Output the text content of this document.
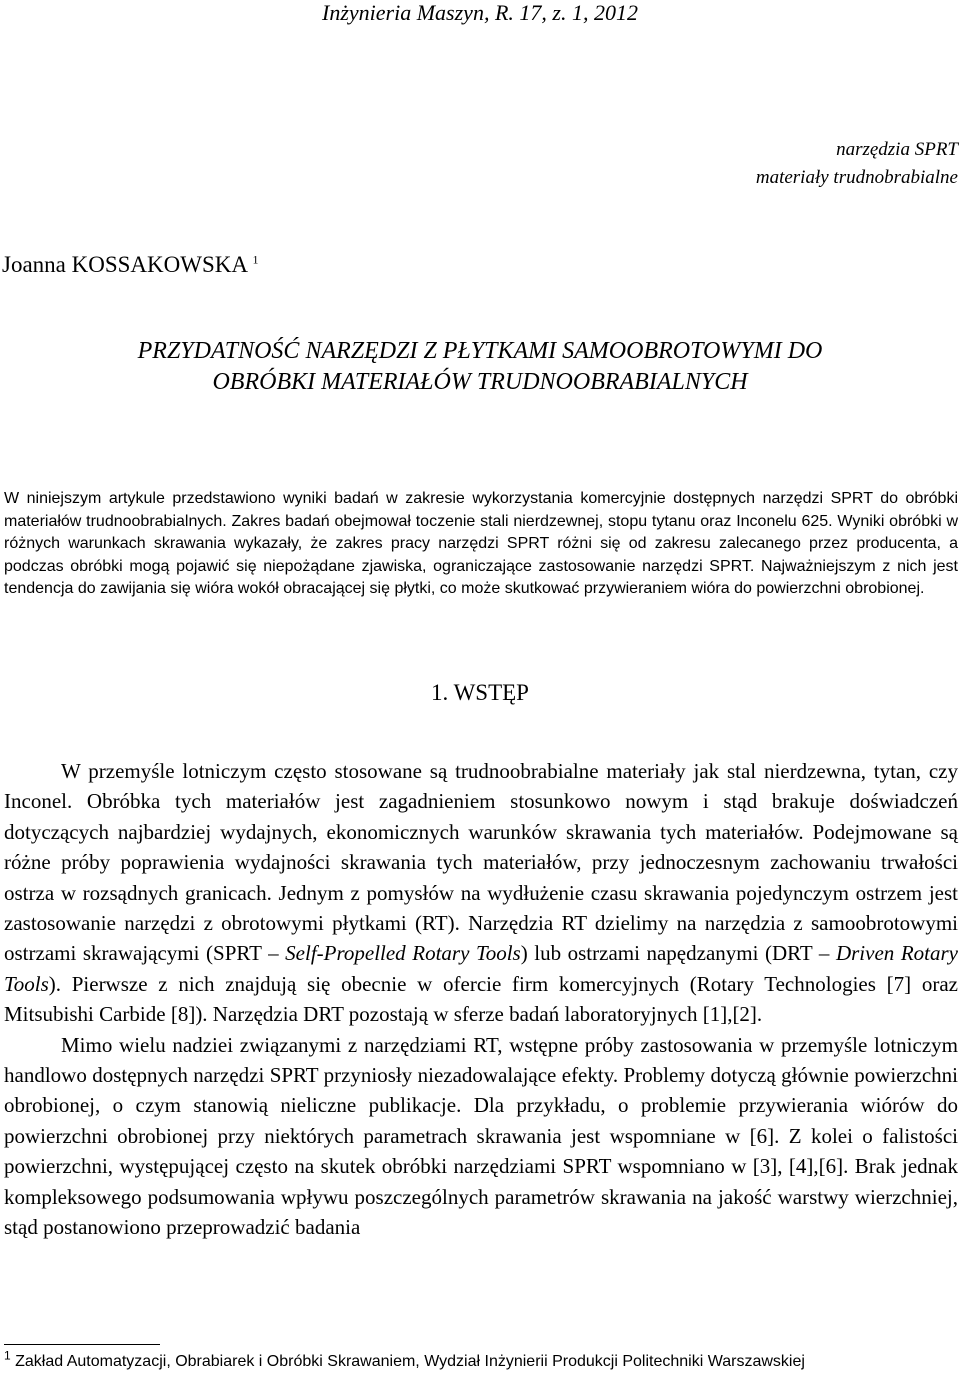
Inżynieria Maszyn, R. 17, z. 1, 2012
narzędzia SPRT
materiały trudnobrabialne
Joanna KOSSAKOWSKA $^1$
PRZYDATNOŚĆ NARZĘDZI Z PŁYTKAMI SAMOOBROTOWYMI DO
OBRÓBKI MATERIAŁÓW TRUDNOOBRABIALNYCH
W niniejszym artykule przedstawiono wyniki badań w zakresie wykorzystania komercyjnie dostępnych narzędzi SPRT do obróbki materiałów trudnoobrabialnych. Zakres badań obejmował toczenie stali nierdzewnej, stopu tytanu oraz Inconelu 625. Wyniki obróbki w różnych warunkach skrawania wykazały, że zakres pracy narzędzi SPRT różni się od zakresu zalecanego przez producenta, a podczas obróbki mogą pojawić się niepożądane zjawiska, ograniczające zastosowanie narzędzi SPRT. Najważniejszym z nich jest tendencja do zawijania się wióra wokół obracającej się płytki, co może skutkować przywieraniem wióra do powierzchni obrobionej.
1. WSTĘP

W przemyśle lotniczym często stosowane są trudnoobrabialne materiały jak stal nierdzewna, tytan, czy Inconel. Obróbka tych materiałów jest zagadnieniem stosunkowo nowym i stąd brakuje doświadczeń dotyczących najbardziej wydajnych, ekonomicznych warunków skrawania tych materiałów. Podejmowane są różne próby poprawienia wydajności skrawania tych materiałów, przy jednoczesnym zachowaniu trwałości ostrza w rozsądnych granicach. Jednym z pomysłów na wydłużenie czasu skrawania pojedynczym ostrzem jest zastosowanie narzędzi z obrotowymi płytkami (RT). Narzędzia RT dzielimy na narzędzia z samoobrotowymi ostrzami skrawającymi (SPRT – Self-Propelled Rotary Tools) lub ostrzami napędzanymi (DRT – Driven Rotary Tools). Pierwsze z nich znajdują się obecnie w ofercie firm komercyjnych (Rotary Technologies [7] oraz Mitsubishi Carbide [8]). Narzędzia DRT pozostają w sferze badań laboratoryjnych [1],[2].

Mimo wielu nadziei związanymi z narzędziami RT, wstępne próby zastosowania w przemyśle lotniczym handlowo dostępnych narzędzi SPRT przyniosły niezadowalające efekty. Problemy dotyczą głównie powierzchni obrobionej, o czym stanowią nieliczne publikacje. Dla przykładu, o problemie przywierania wiórów do powierzchni obrobionej przy niektórych parametrach skrawania jest wspomniane w [6]. Z kolei o falistości powierzchni, występującej często na skutek obróbki narzędziami SPRT wspomniano w [3], [4],[6]. Brak jednak kompleksowego podsumowania wpływu poszczególnych parametrów skrawania na jakość warstwy wierzchniej, stąd postanowiono przeprowadzić badania

$^1$ Zakład Automatyzacji, Obrabiarek i Obróbki Skrawaniem, Wydział Inżynierii Produkcji Politechniki Warszawskiej
